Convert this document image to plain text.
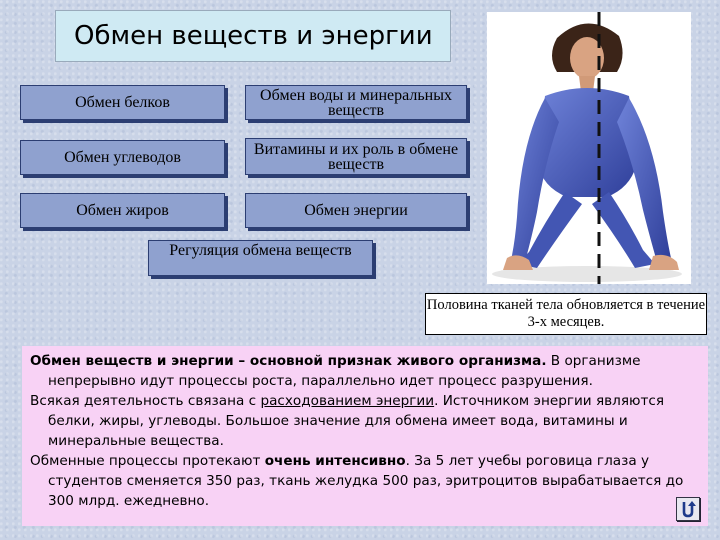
Обмен веществ и энергии
Обмен белков	Обмен воды и минеральных веществ
Обмен углеводов	Витамины и их роль в обмене веществ
Обмен жиров	Обмен энергии
Регуляция обмена веществ
Половина тканей тела обновляется в течение 3-х месяцев.

Обмен веществ и энергии – основной признак живого организма. В организме непрерывно идут процессы роста, параллельно идет процесс разрушения.

Всякая деятельность связана с расходованием энергии. Источником энергии являются белки, жиры, углеводы. Большое значение для обмена имеет вода, витамины и минеральные вещества.

Обменные процессы протекают очень интенсивно. За 5 лет учебы роговица глаза у студентов сменяется 350 раз, ткань желудка 500 раз, эритроцитов вырабатывается до 300 млрд. ежедневно.
